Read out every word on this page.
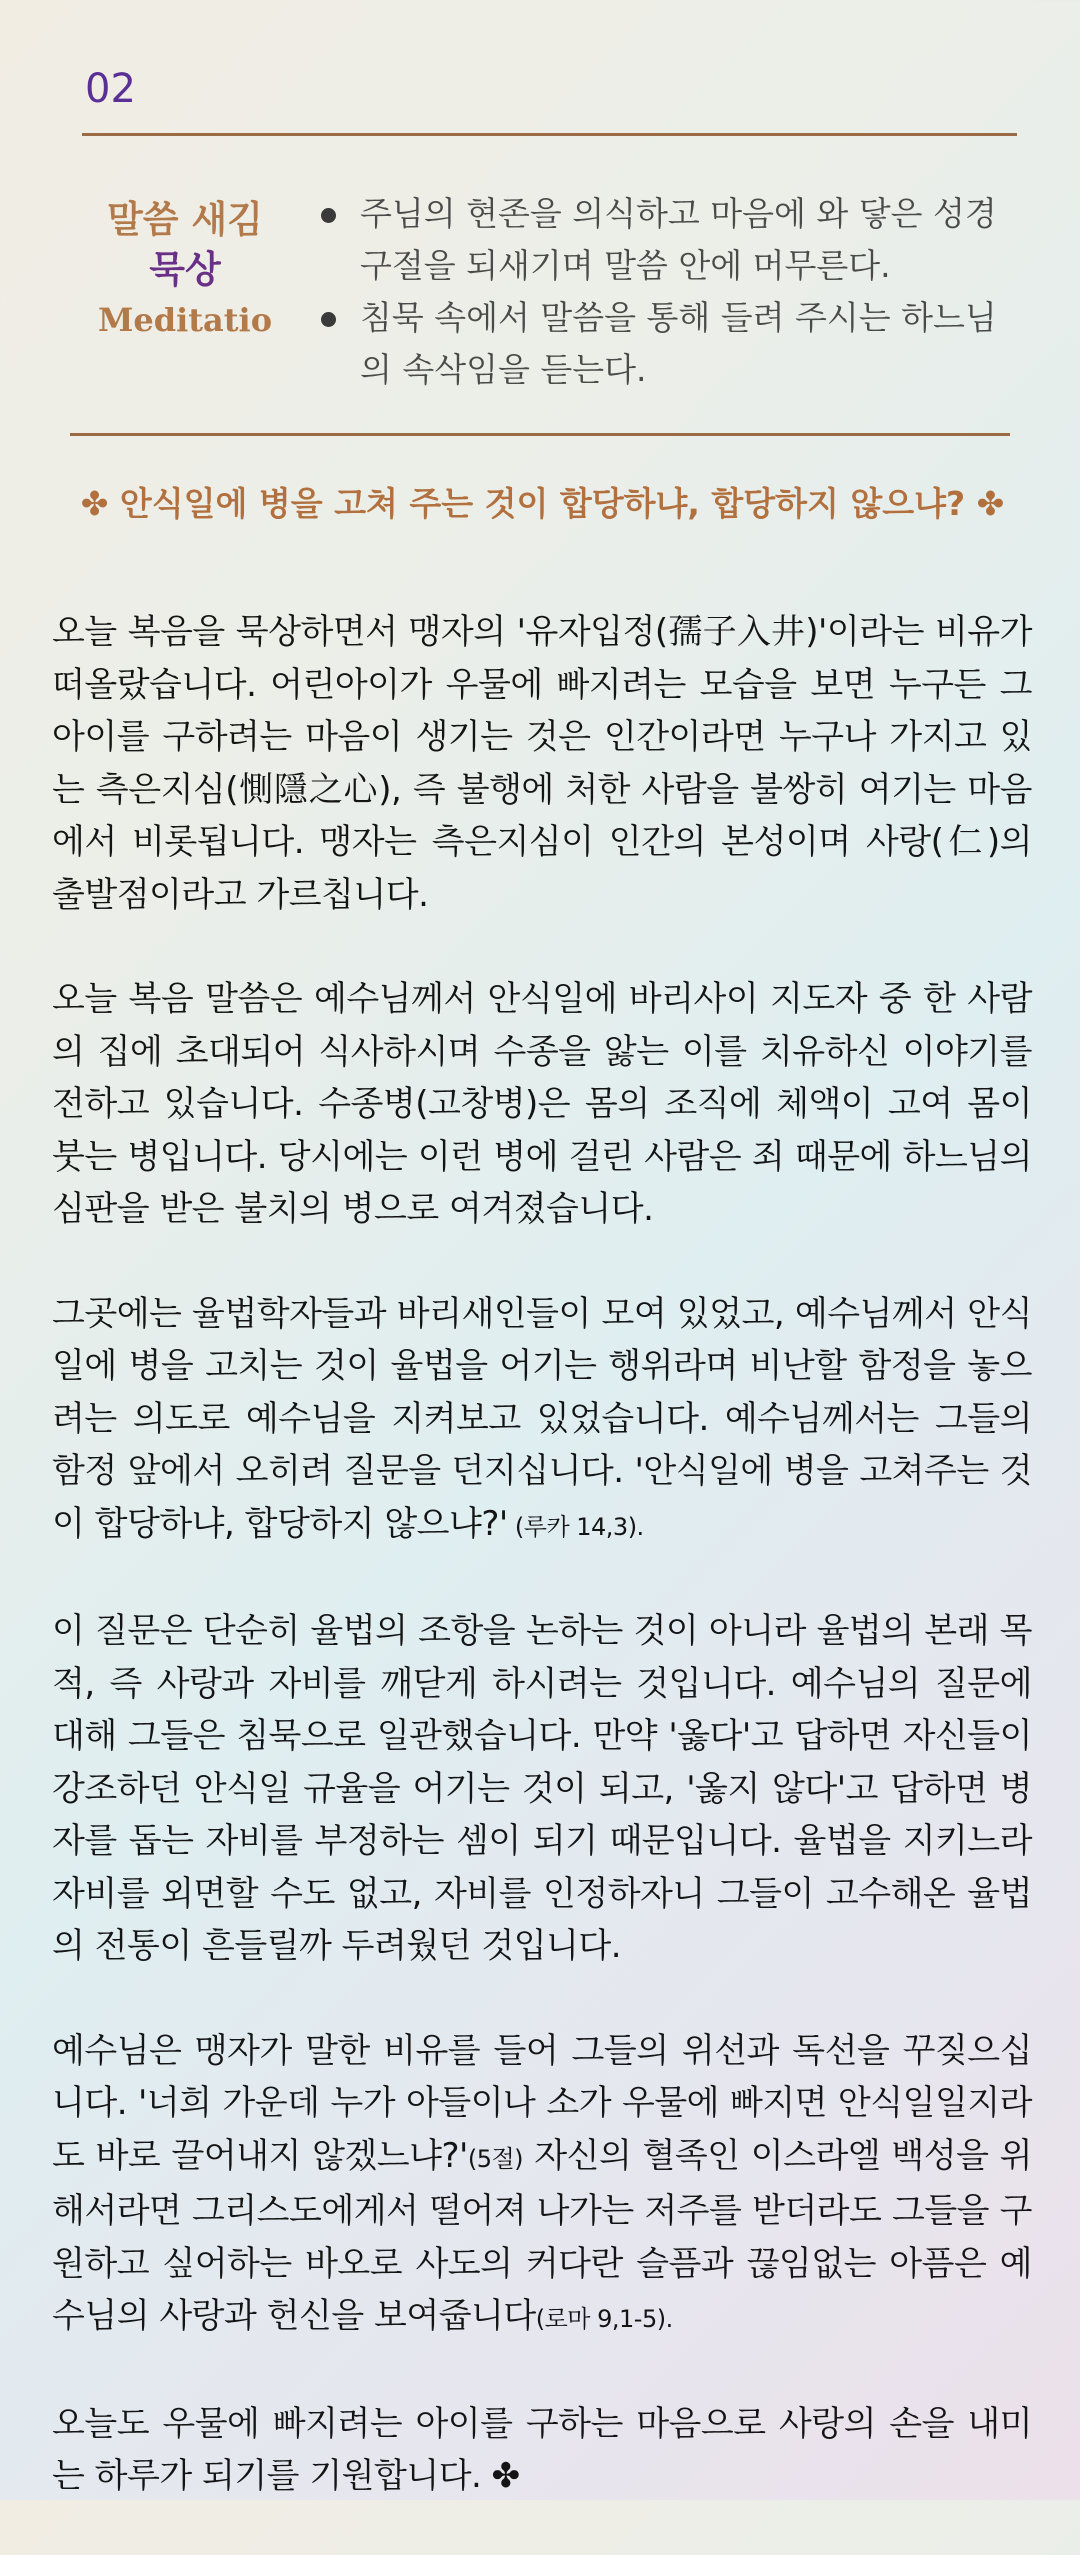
02
말씀 새김
묵상
Meditatio
주님의 현존을 의식하고 마음에 와 닿은 성경구절을 되새기며 말씀 안에 머무른다.
침묵 속에서 말씀을 통해 들려 주시는 하느님의 속삭임을 듣는다.
✤ 안식일에 병을 고쳐 주는 것이 합당하냐, 합당하지 않으냐? ✤

오늘 복음을 묵상하면서 맹자의 '유자입정(孺子入井)'이라는 비유가 떠올랐습니다. 어린아이가 우물에 빠지려는 모습을 보면 누구든 그 아이를 구하려는 마음이 생기는 것은 인간이라면 누구나 가지고 있는 측은지심(惻隱之心), 즉 불행에 처한 사람을 불쌍히 여기는 마음에서 비롯됩니다. 맹자는 측은지심이 인간의 본성이며 사랑(仁)의 출발점이라고 가르칩니다.

오늘 복음 말씀은 예수님께서 안식일에 바리사이 지도자 중 한 사람의 집에 초대되어 식사하시며 수종을 앓는 이를 치유하신 이야기를 전하고 있습니다. 수종병(고창병)은 몸의 조직에 체액이 고여 몸이 붓는 병입니다. 당시에는 이런 병에 걸린 사람은 죄 때문에 하느님의 심판을 받은 불치의 병으로 여겨졌습니다.

그곳에는 율법학자들과 바리새인들이 모여 있었고, 예수님께서 안식일에 병을 고치는 것이 율법을 어기는 행위라며 비난할 함정을 놓으려는 의도로 예수님을 지켜보고 있었습니다. 예수님께서는 그들의 함정 앞에서 오히려 질문을 던지십니다. '안식일에 병을 고쳐주는 것이 합당하냐, 합당하지 않으냐?' (루카 14,3).

이 질문은 단순히 율법의 조항을 논하는 것이 아니라 율법의 본래 목적, 즉 사랑과 자비를 깨닫게 하시려는 것입니다. 예수님의 질문에 대해 그들은 침묵으로 일관했습니다. 만약 '옳다'고 답하면 자신들이 강조하던 안식일 규율을 어기는 것이 되고, '옳지 않다'고 답하면 병자를 돕는 자비를 부정하는 셈이 되기 때문입니다. 율법을 지키느라 자비를 외면할 수도 없고, 자비를 인정하자니 그들이 고수해온 율법의 전통이 흔들릴까 두려웠던 것입니다.

예수님은 맹자가 말한 비유를 들어 그들의 위선과 독선을 꾸짖으십니다. '너희 가운데 누가 아들이나 소가 우물에 빠지면 안식일일지라도 바로 끌어내지 않겠느냐?'(5절) 자신의 혈족인 이스라엘 백성을 위해서라면 그리스도에게서 떨어져 나가는 저주를 받더라도 그들을 구원하고 싶어하는 바오로 사도의 커다란 슬픔과 끊임없는 아픔은 예수님의 사랑과 헌신을 보여줍니다(로마 9,1-5).

오늘도 우물에 빠지려는 아이를 구하는 마음으로 사랑의 손을 내미는 하루가 되기를 기원합니다. ✤
